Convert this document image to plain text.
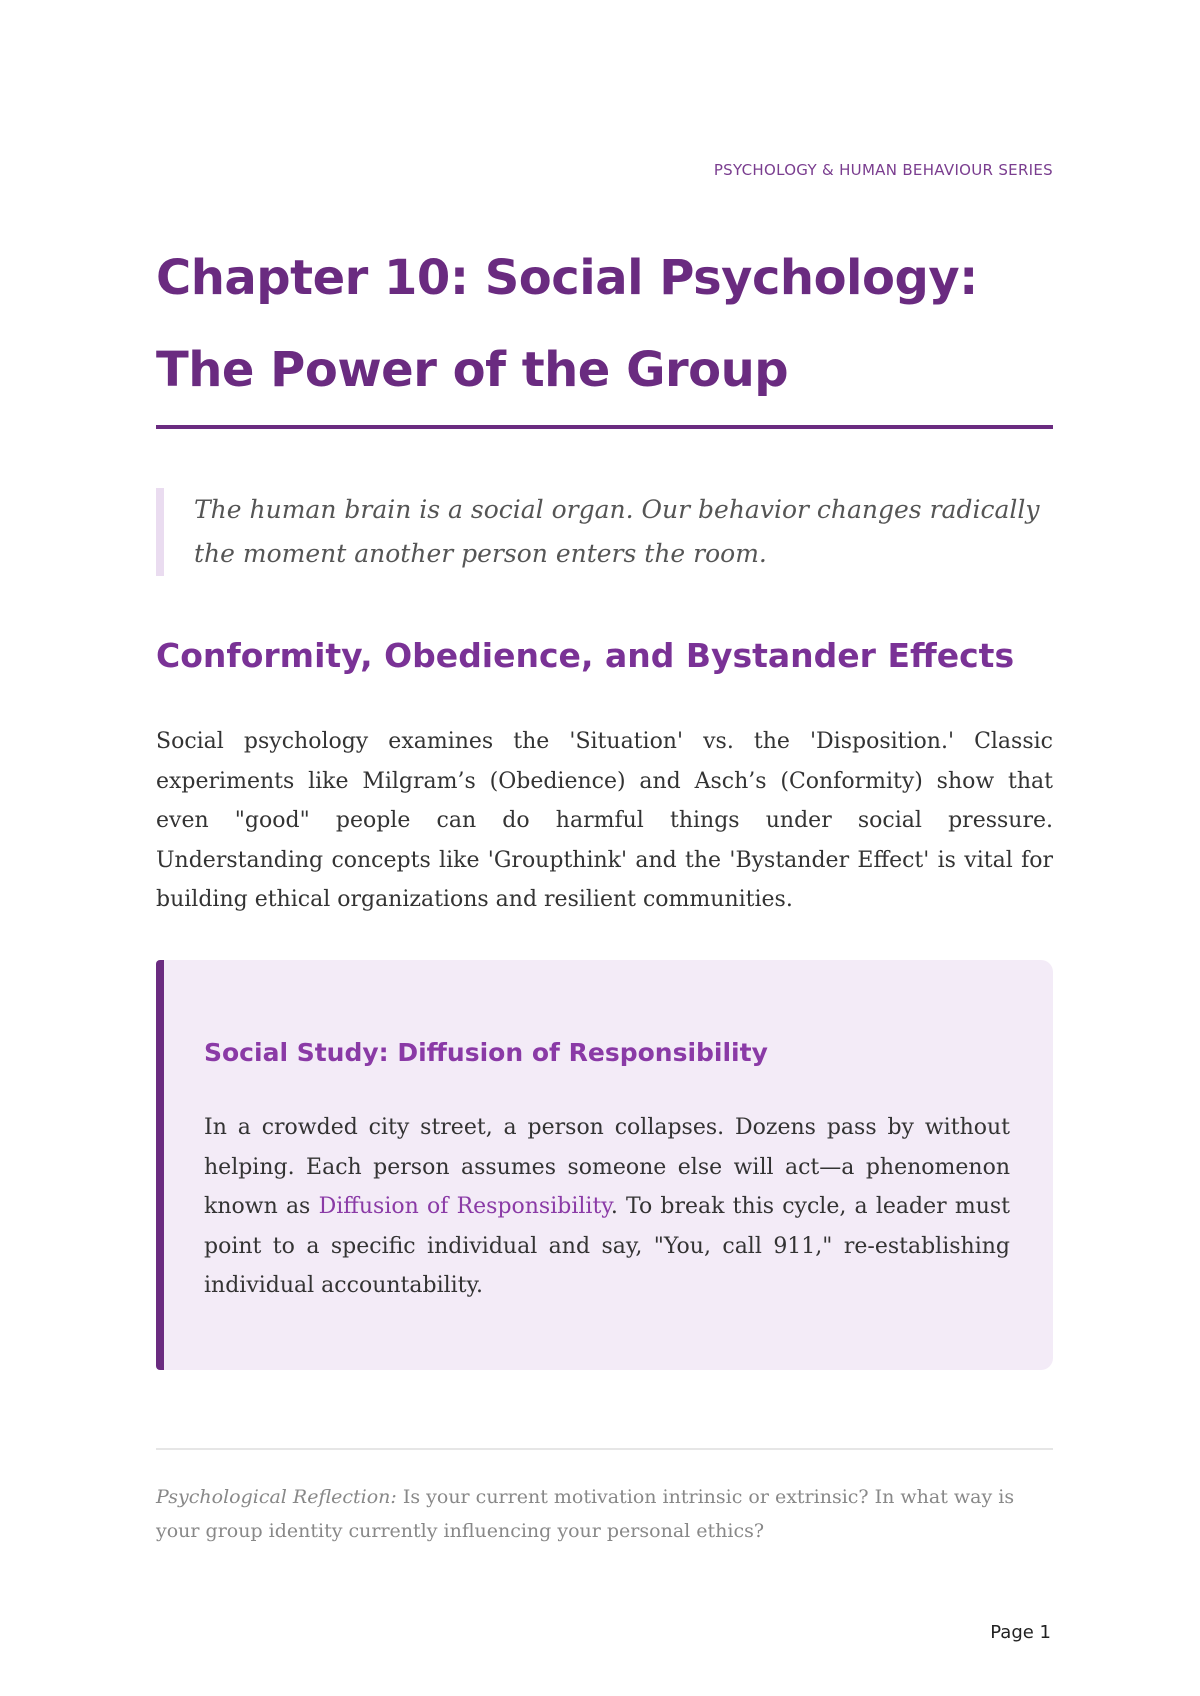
PSYCHOLOGY & HUMAN BEHAVIOUR SERIES
Chapter 10: Social Psychology:
The Power of the Group
The human brain is a social organ. Our behavior changes radically the moment another person enters the room.
Conformity, Obedience, and Bystander Effects

Social psychology examines the 'Situation' vs. the 'Disposition.' Classic experiments like Milgram’s (Obedience) and Asch’s (Conformity) show that even "good" people can do harmful things under social pressure. Understanding concepts like 'Groupthink' and the 'Bystander Effect' is vital for building ethical organizations and resilient communities.

Social Study: Diffusion of Responsibility

In a crowded city street, a person collapses. Dozens pass by without helping. Each person assumes someone else will act—a phenomenon known as Diffusion of Responsibility. To break this cycle, a leader must point to a specific individual and say, "You, call 911," re-establishing individual accountability.

Psychological Reflection: Is your current motivation intrinsic or extrinsic? In what way is your group identity currently influencing your personal ethics?

Page 1
